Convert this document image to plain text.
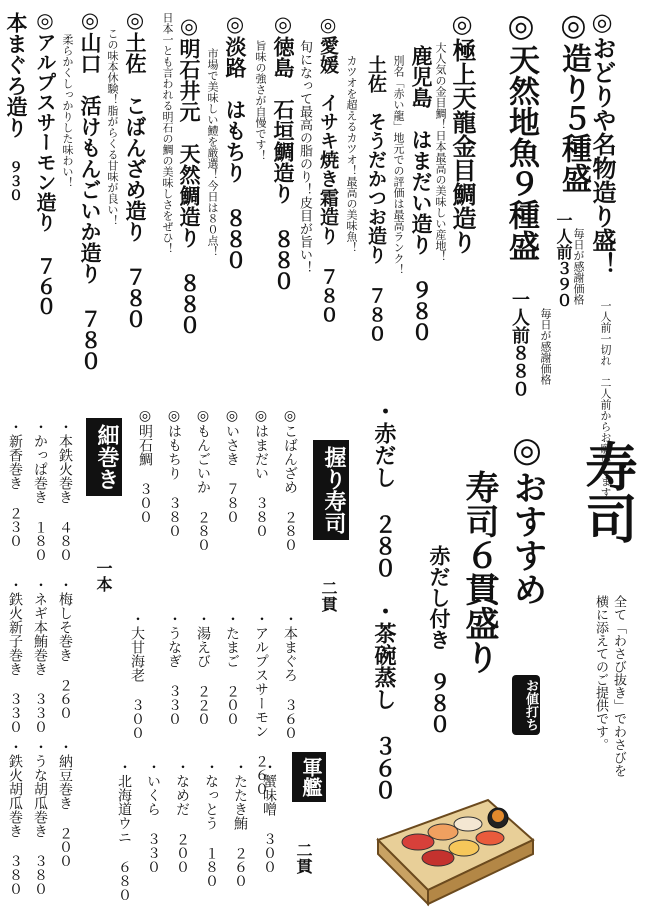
◎おどりや名物造り盛！
一人前一切れ　二人前からお願いします
◎造り５種盛
毎日が感謝価格
一人前３９０
◎天然地魚９種盛
毎日が感謝価格
一人前８８０
◎極上天龍金目鯛造り
大人気の金目鯛！日本最高の美味しい産地！
鹿児島　はまだい造り ９８０
別名「赤い龍」地元での評価は最高ランク！
土佐　そうだかつお造り ７８０
カツオを超えるカツオ！最高の美味魚！
◎愛媛　イサキ焼き霜造り ７８０
旬になって最高の脂のり！皮目が旨い！
◎徳島　石垣鯛造り ８８０
旨味の強さが自慢です！
◎淡路　はもちり ８８０
市場で美味しい鱧を厳選！今日は８０点！
◎明石井元　天然鯛造り ８８０
日本一とも言われる明石の鯛の美味しさをぜひ！
◎土佐　こばんざめ造り ７８０
この味本休験！脂がらくる甘味が良い！
◎山口　活けもんごいか造り ７８０
柔らかくしっかりした味わい！
◎アルプスサーモン造り ７６０
本まぐろ造り
９３０
寿司
全て「わさび抜き」でわさびを
横に添えてのご提供です。
◎おすすめ
寿司６貫盛り
お値打ち
赤だし付き　９８０
・赤だし ２８０
・茶碗蒸し ３６０
握り寿司
二貫
◎こばんざめ ２８０
◎はまだい ３８０
◎いさき ７８０
◎もんごいか ２８０
◎はもちり ３８０
◎明石鯛 ３００
・本まぐろ ３６０
・アルプスサーモン ２６０
・たまご ２００
・湯えび ２２０
・うなぎ ３３０
・大甘海老 ３００
軍艦
二貫
・蟹味噌 ３００
・たたき鮪 ２６０
・なっとう １８０
・なめだ ２００
・いくら ３３０
・北海道ウニ ６８０
細巻き
一本
・本鉄火巻き ４８０
・かっぱ巻き １８０
・新香巻き ２３０
・梅しそ巻き ２６０
・ネギ本鮪巻き ３３０
・鉄火新子巻き ３３０
・納豆巻き ２００
・うな胡瓜巻き ３８０
・鉄火胡瓜巻き ３８０
